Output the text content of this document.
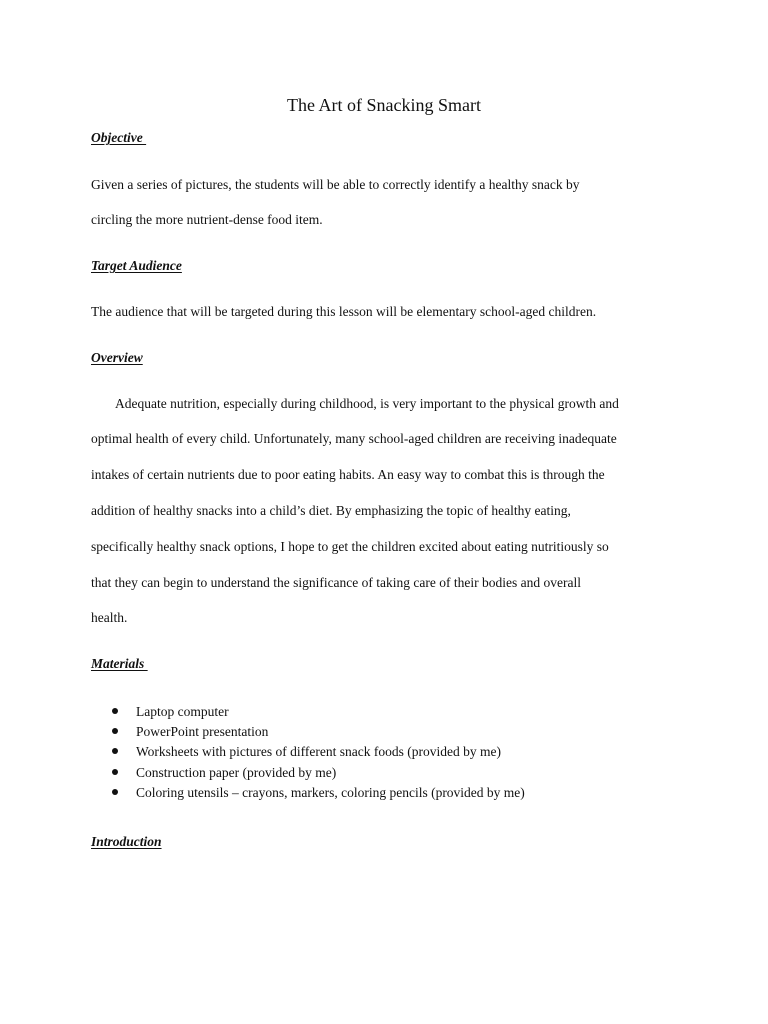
The Art of Snacking Smart
Objective
Given a series of pictures, the students will be able to correctly identify a healthy snack by
circling the more nutrient-dense food item.
Target Audience
The audience that will be targeted during this lesson will be elementary school-aged children.
Overview
Adequate nutrition, especially during childhood, is very important to the physical growth and
optimal health of every child. Unfortunately, many school-aged children are receiving inadequate
intakes of certain nutrients due to poor eating habits. An easy way to combat this is through the
addition of healthy snacks into a child’s diet. By emphasizing the topic of healthy eating,
specifically healthy snack options, I hope to get the children excited about eating nutritiously so
that they can begin to understand the significance of taking care of their bodies and overall
health.
Materials
Laptop computer
PowerPoint presentation
Worksheets with pictures of different snack foods (provided by me)
Construction paper (provided by me)
Coloring utensils – crayons, markers, coloring pencils (provided by me)
Introduction
